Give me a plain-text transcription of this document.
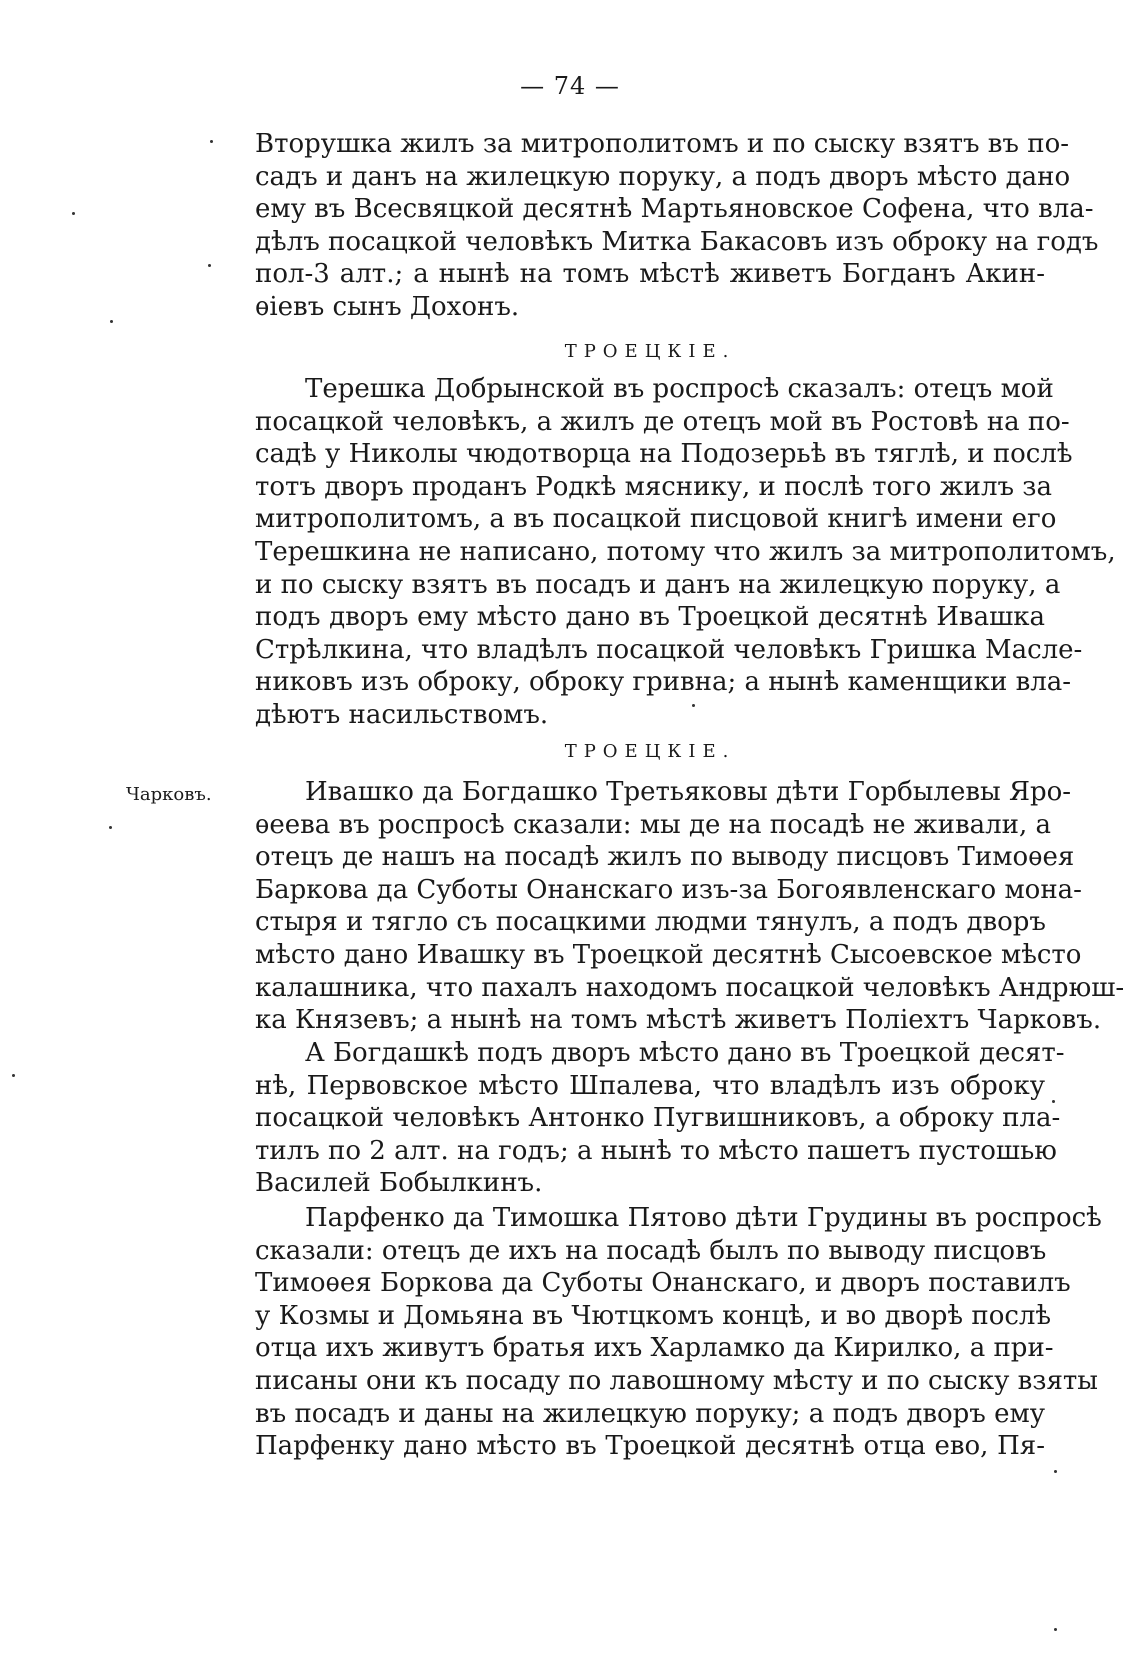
— 74 —
Вторушка жилъ за митрополитомъ и по сыску взятъ въ по-
садъ и данъ на жилецкую поруку, а подъ дворъ мѣсто дано
ему въ Всесвяцкой десятнѣ Мартьяновское Софена, что вла-
дѣлъ посацкой человѣкъ Митка Бакасовъ изъ оброку на годъ
пол-3 алт.; а нынѣ на томъ мѣстѣ живетъ Богданъ Акин-
ѳіевъ сынъ Дохонъ.
ТРОЕЦКІЕ.
Терешка Добрынской въ роспросѣ сказалъ: отецъ мой
посацкой человѣкъ, а жилъ де отецъ мой въ Ростовѣ на по-
садѣ у Николы чюдотворца на Подозерьѣ въ тяглѣ, и послѣ
тотъ дворъ проданъ Родкѣ мяснику, и послѣ того жилъ за
митрополитомъ, а въ посацкой писцовой книгѣ имени его
Терешкина не написано, потому что жилъ за митрополитомъ,
и по сыску взятъ въ посадъ и данъ на жилецкую поруку, а
подъ дворъ ему мѣсто дано въ Троецкой десятнѣ Ивашка
Стрѣлкина, что владѣлъ посацкой человѣкъ Гришка Масле-
никовъ изъ оброку, оброку гривна; а нынѣ каменщики вла-
дѣютъ насильствомъ.
ТРОЕЦКІЕ.
Чарковъ.	Ивашко да Богдашко Третьяковы дѣти Горбылевы Яро-
ѳеева въ роспросѣ сказали: мы де на посадѣ не живали, а
отецъ де нашъ на посадѣ жилъ по выводу писцовъ Тимоѳея
Баркова да Суботы Онанскаго изъ-за Богоявленскаго мона-
стыря и тягло съ посацкими людми тянулъ, а подъ дворъ
мѣсто дано Ивашку въ Троецкой десятнѣ Сысоевское мѣсто
калашника, что пахалъ находомъ посацкой человѣкъ Андрюш-
ка Князевъ; а нынѣ на томъ мѣстѣ живетъ Поліехтъ Чарковъ.
А Богдашкѣ подъ дворъ мѣсто дано въ Троецкой десят-
нѣ, Первовское мѣсто Шпалева, что владѣлъ изъ оброку
посацкой человѣкъ Антонко Пугвишниковъ, а оброку пла-
тилъ по 2 алт. на годъ; а нынѣ то мѣсто пашетъ пустошью
Василей Бобылкинъ.
Парфенко да Тимошка Пятово дѣти Грудины въ роспросѣ
сказали: отецъ де ихъ на посадѣ былъ по выводу писцовъ
Тимоѳея Боркова да Суботы Онанскаго, и дворъ поставилъ
у Козмы и Домьяна въ Чютцкомъ концѣ, и во дворѣ послѣ
отца ихъ живутъ братья ихъ Харламко да Кирилко, а при-
писаны они къ посаду по лавошному мѣсту и по сыску взяты
въ посадъ и даны на жилецкую поруку; а подъ дворъ ему
Парфенку дано мѣсто въ Троецкой десятнѣ отца ево, Пя-
